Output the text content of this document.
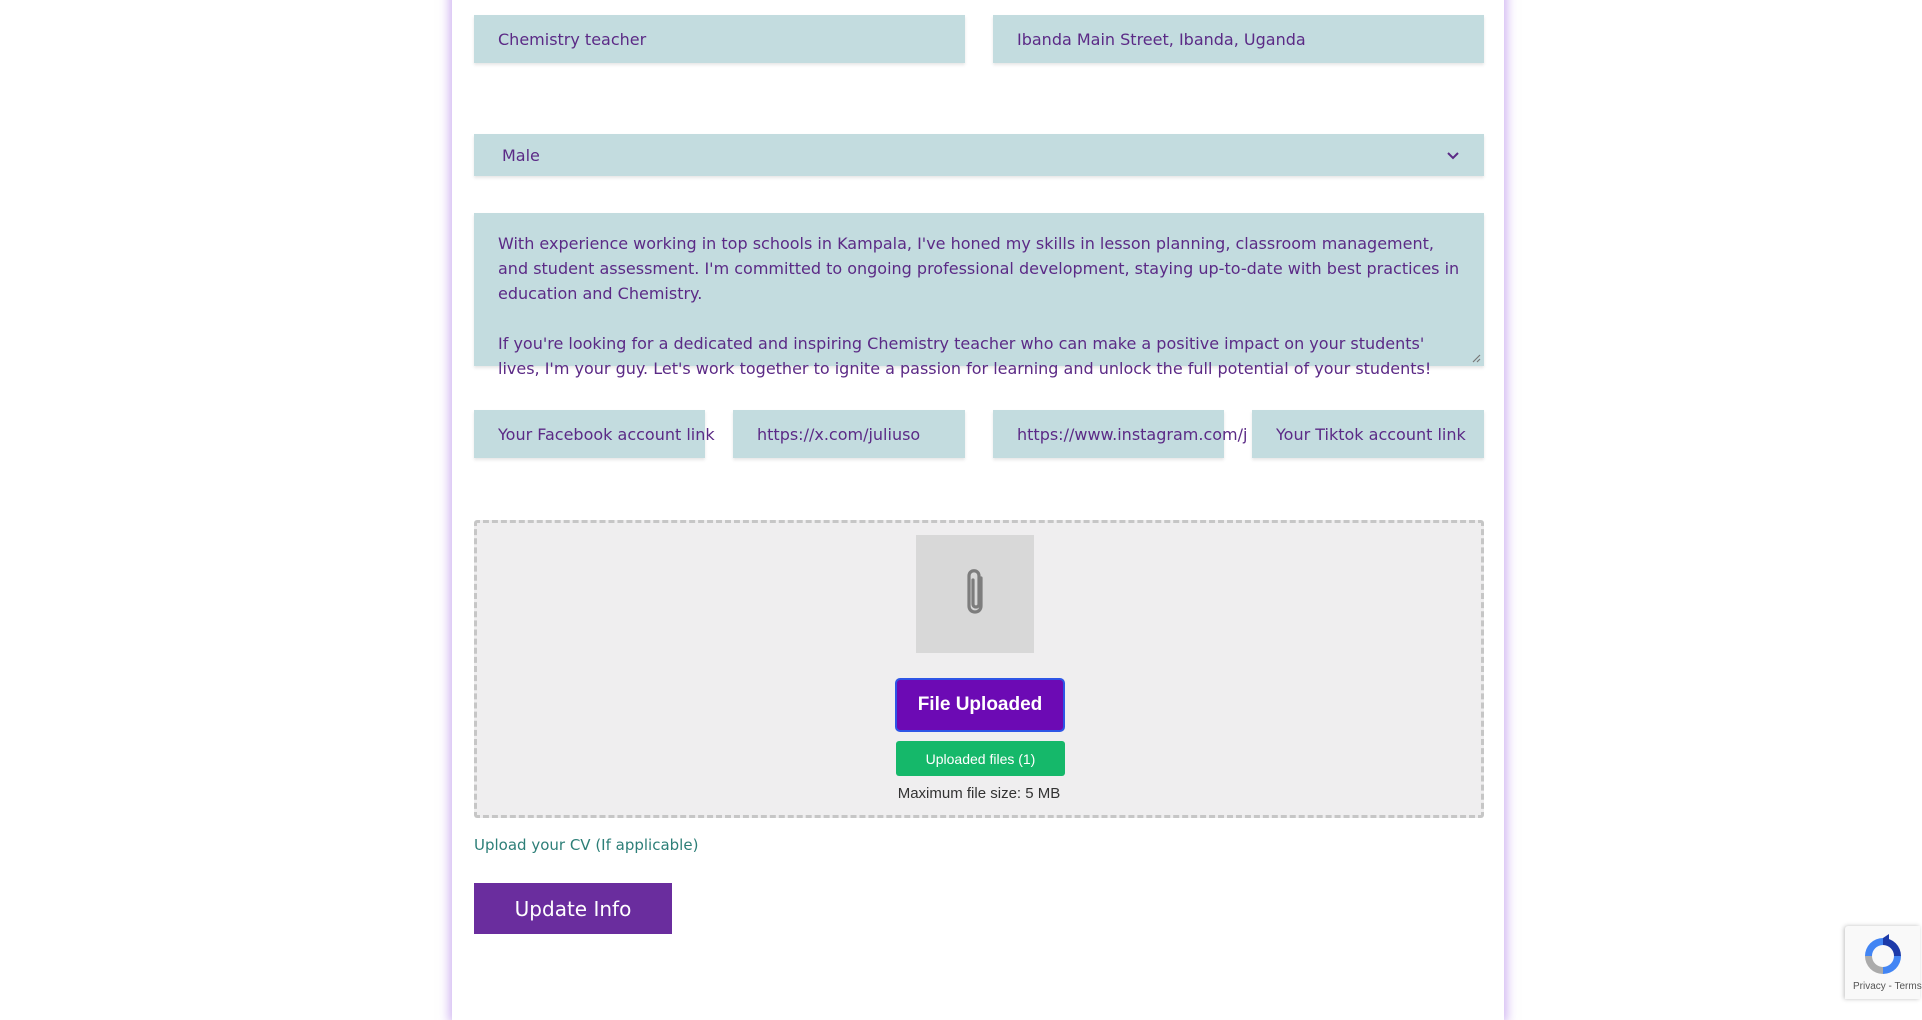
Chemistry teacher	Ibanda Main Street, Ibanda, Uganda
Male

With experience working in top schools in Kampala, I've honed my skills in lesson planning, classroom management, and student assessment. I'm committed to ongoing professional development, staying up-to-date with best practices in education and Chemistry.

If you're looking for a dedicated and inspiring Chemistry teacher who can make a positive impact on your students' lives, I'm your guy. Let's work together to ignite a passion for learning and unlock the full potential of your students!

Your Facebook account link	https://x.com/juliuso	https://www.instagram.com/j Your Tiktok account link
File Uploaded
Uploaded files (1)
Maximum file size: 5 MB
Upload your CV (If applicable)
Update Info
Privacy - Terms
